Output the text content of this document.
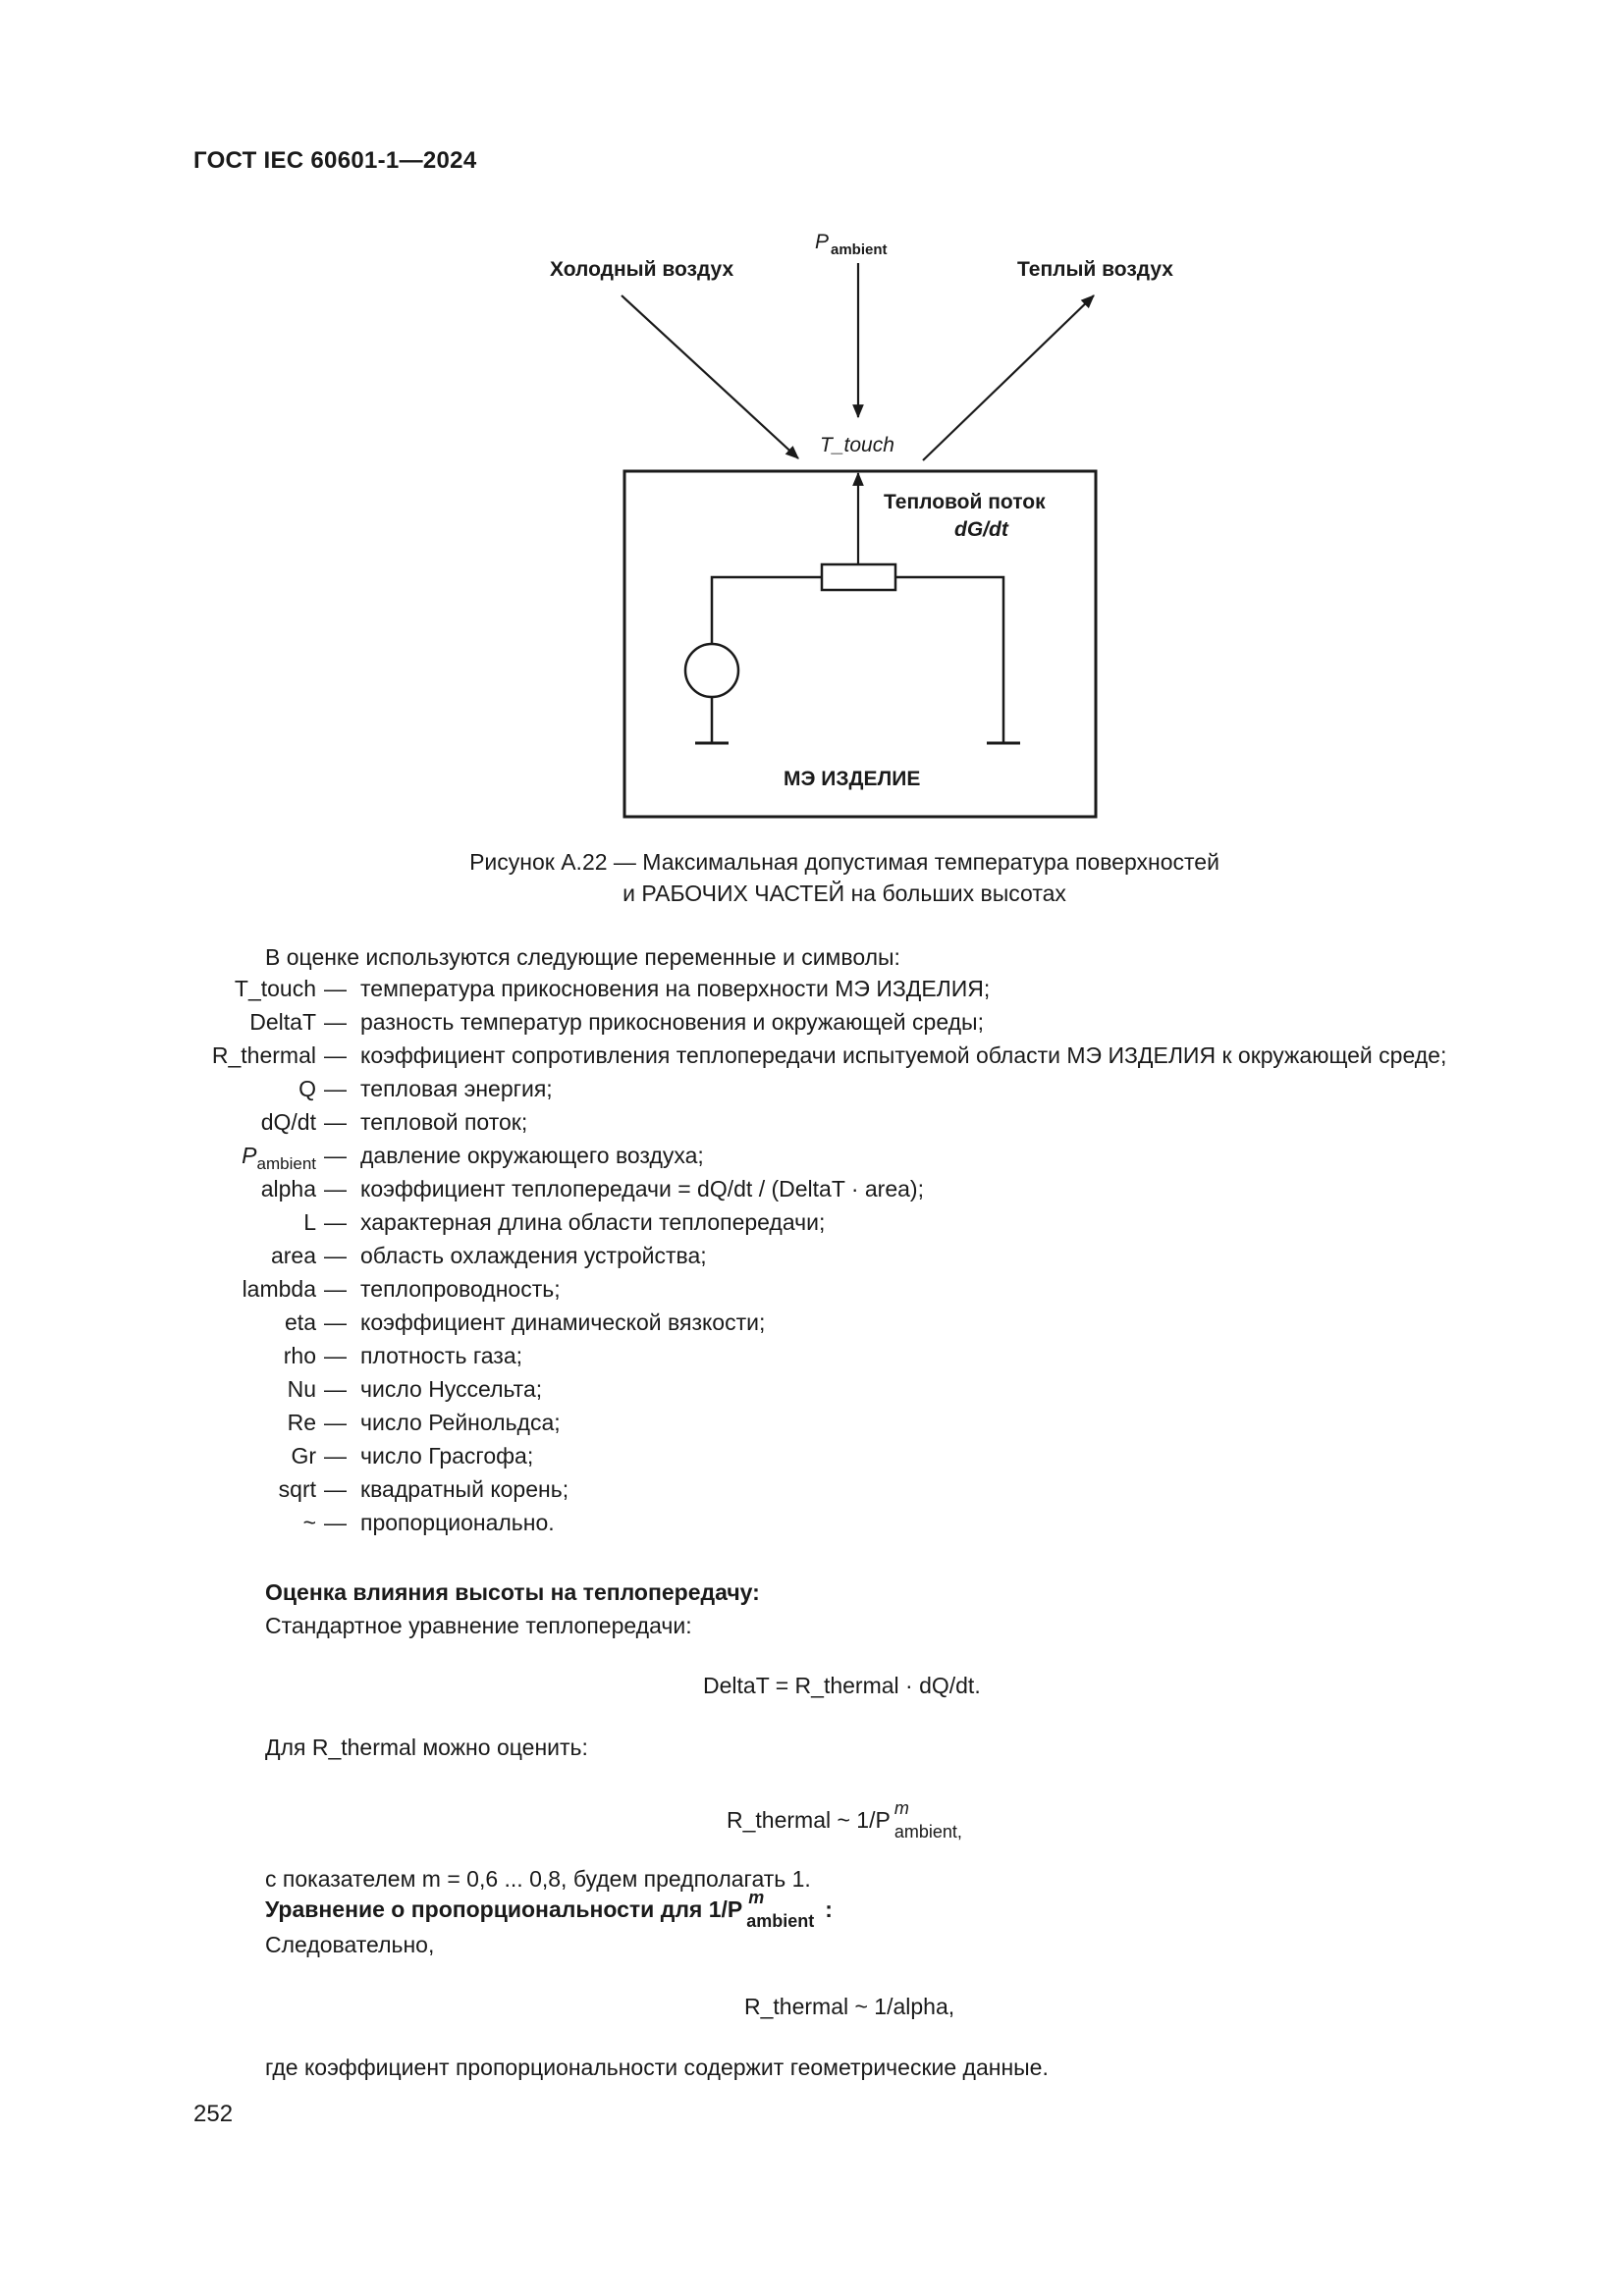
ГОСТ IEC 60601-1—2024
Холодный воздух	Теплый воздух
P ambient
T_touch
Тепловой поток
dG/dt
МЭ ИЗДЕЛИЕ
Рисунок А.22 — Максимальная допустимая температура поверхностей
и РАБОЧИХ ЧАСТЕЙ на больших высотах
В оценке используются следующие переменные и символы:
T_touch — температура прикосновения на поверхности МЭ ИЗДЕЛИЯ;
DeltaT — разность температур прикосновения и окружающей среды;
R_thermal — коэффициент сопротивления теплопередачи испытуемой области МЭ ИЗДЕЛИЯ к окружающей среде;
Q — тепловая энергия;
dQ/dt — тепловой поток;
$P_{ambient}$ — давление окружающего воздуха;
alpha — коэффициент теплопередачи = dQ/dt / (DeltaT · area);
L — характерная длина области теплопередачи;
area — область охлаждения устройства;
lambda — теплопроводность;
eta — коэффициент динамической вязкости;
rho — плотность газа;
Nu — число Нуссельта;
Re — число Рейнольдса;
Gr — число Грасгофа;
sqrt — квадратный корень;
~ — пропорционально.
Оценка влияния высоты на теплопередачу:
Стандартное уравнение теплопередачи:
DeltaT = R_thermal · dQ/dt.
Для R_thermal можно оценить:
R_thermal ~ 1/P m
ambient,
с показателем m = 0,6 ... 0,8, будем предполагать 1.
Уравнение о пропорциональности для 1/P m
ambient :
Следовательно,
R_thermal ~ 1/alpha,
где коэффициент пропорциональности содержит геометрические данные.
252
